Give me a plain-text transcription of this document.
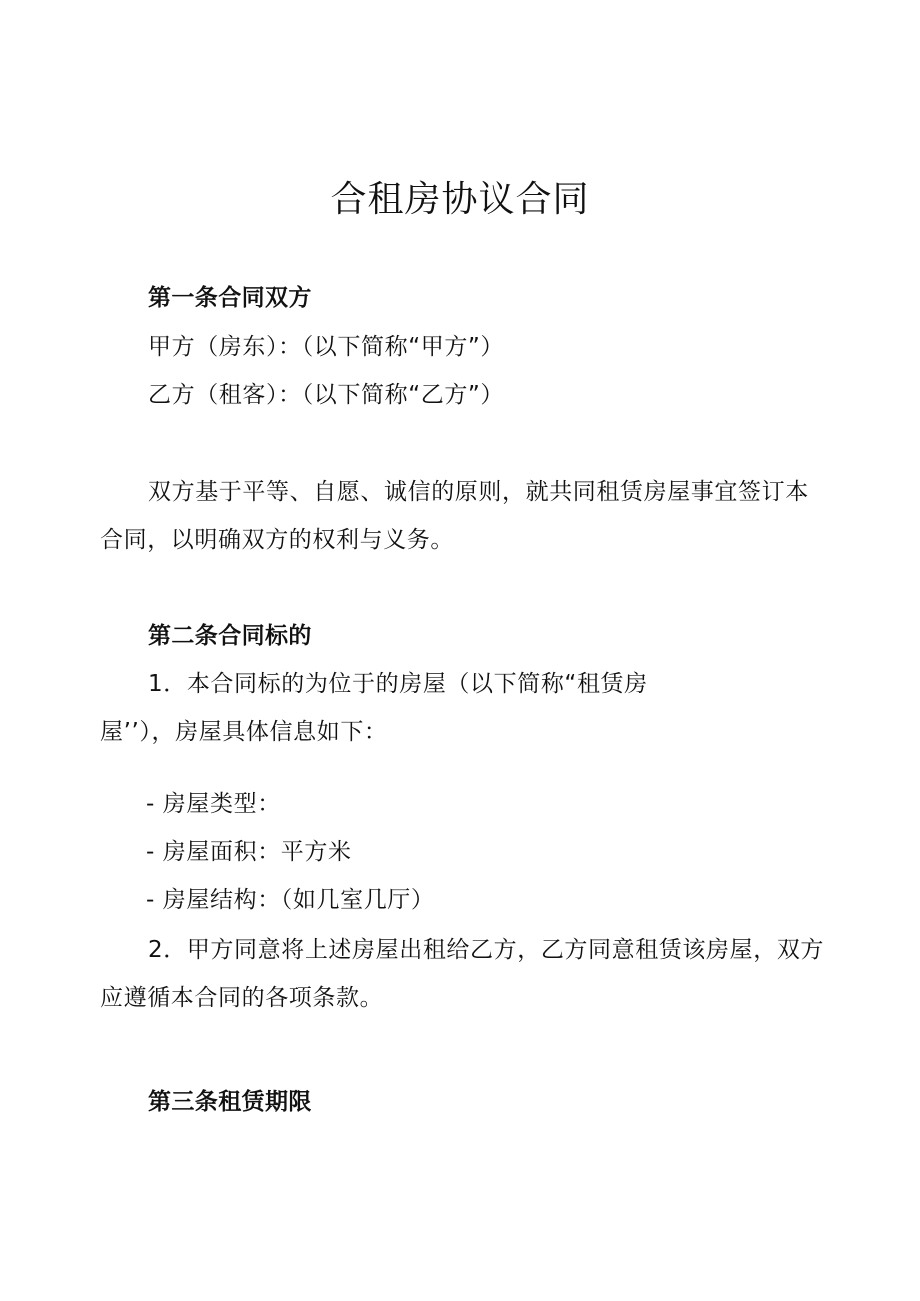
合租房协议合同
第一条合同双方
甲方（房东）：（以下简称“甲方”）
乙方（租客）：（以下简称“乙方”）
双方基于平等、自愿、诚信的原则，就共同租赁房屋事宜签订本
合同，以明确双方的权利与义务。
第二条合同标的
1．本合同标的为位于的房屋（以下简称“租赁房
屋’’），房屋具体信息如下：
- 房屋类型：
- 房屋面积：平方米
- 房屋结构：（如几室几厅）
2．甲方同意将上述房屋出租给乙方，乙方同意租赁该房屋，双方
应遵循本合同的各项条款。
第三条租赁期限
